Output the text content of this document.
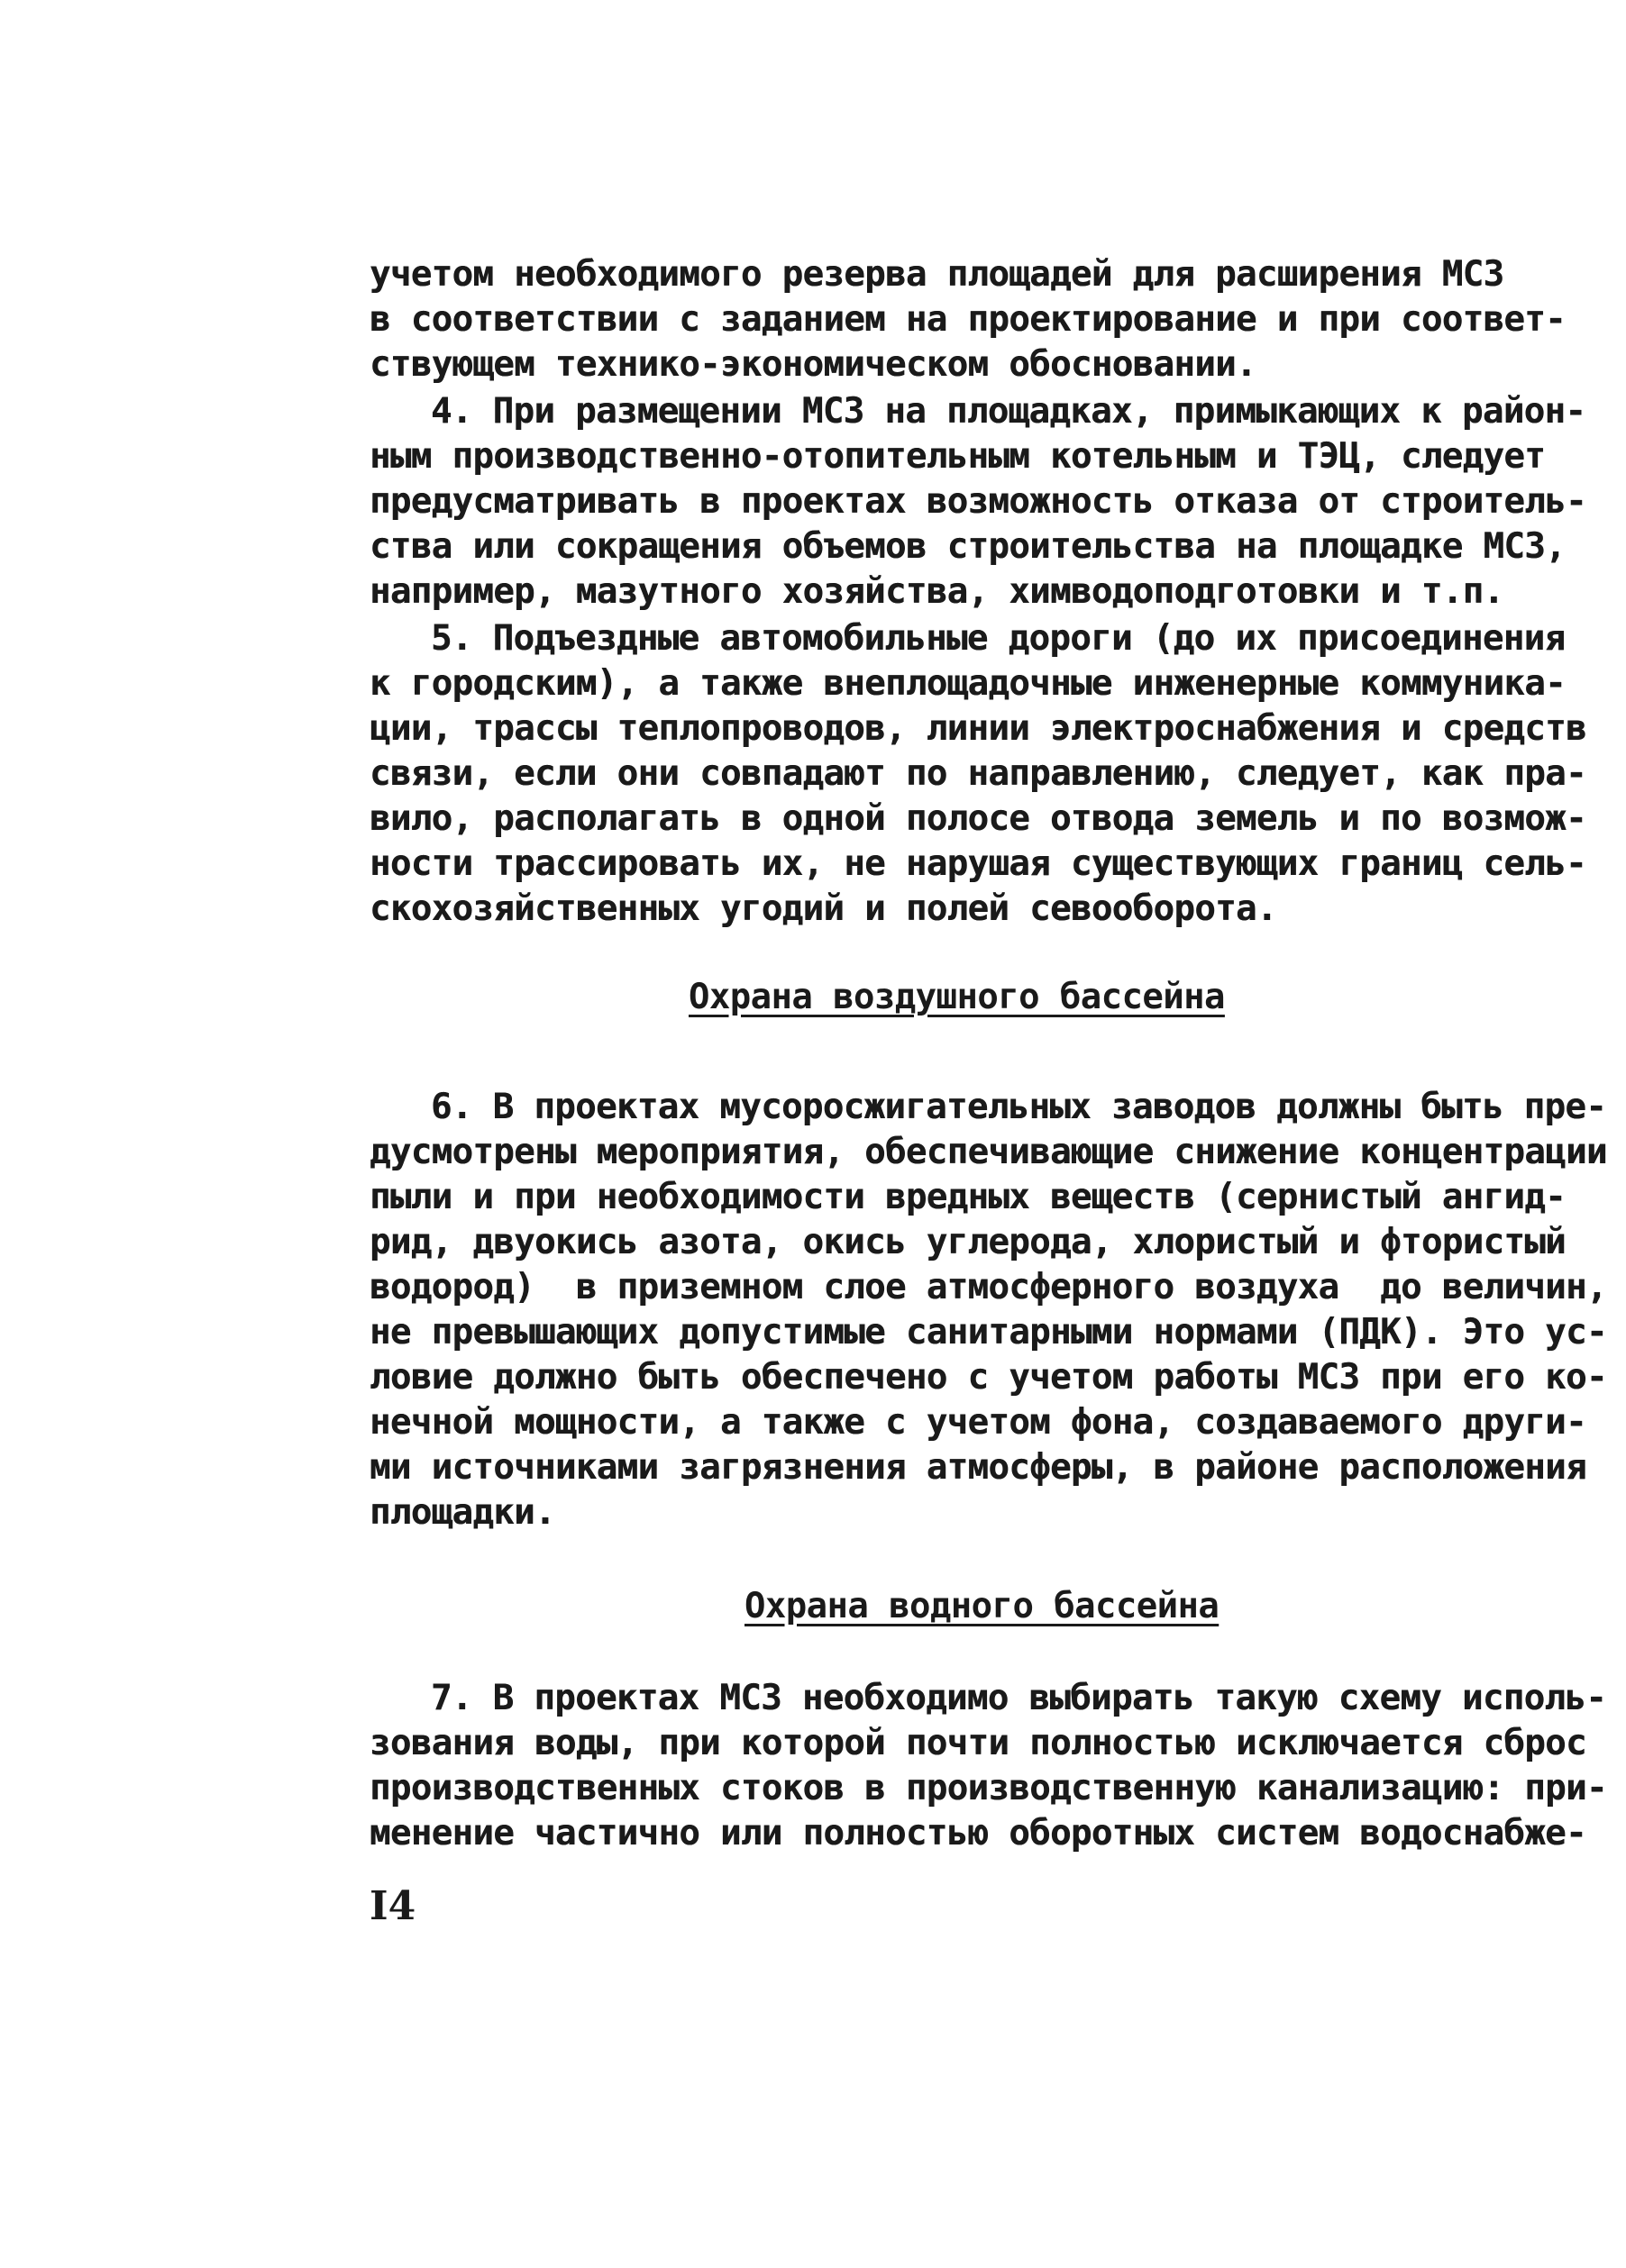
учетом необходимого резерва площадей для расширения МСЗ
в соответствии с заданием на проектирование и при соответ-
ствующем технико-экономическом обосновании.
4. При размещении МСЗ на площадках, примыкающих к район-
ным производственно-отопительным котельным и ТЭЦ, следует
предусматривать в проектах возможность отказа от строитель-
ства или сокращения объемов строительства на площадке МСЗ,
например, мазутного хозяйства, химводоподготовки и т.п.
5. Подъездные автомобильные дороги (до их присоединения
к городским), а также внеплощадочные инженерные коммуника-
ции, трассы теплопроводов, линии электроснабжения и средств
связи, если они совпадают по направлению, следует, как пра-
вило, располагать в одной полосе отвода земель и по возмож-
ности трассировать их, не нарушая существующих границ сель-
скохозяйственных угодий и полей севооборота.
Охрана воздушного бассейна
6. В проектах мусоросжигательных заводов должны быть пре-
дусмотрены мероприятия, обеспечивающие снижение концентрации
пыли и при необходимости вредных веществ (сернистый ангид-
рид, двуокись азота, окись углерода, хлористый и фтористый
водород)  в приземном слое атмосферного воздуха  до величин,
не превышающих допустимые санитарными нормами (ПДК). Это ус-
ловие должно быть обеспечено с учетом работы МСЗ при его ко-
нечной мощности, а также с учетом фона, создаваемого други-
ми источниками загрязнения атмосферы, в районе расположения
площадки.
Охрана водного бассейна
7. В проектах МСЗ необходимо выбирать такую схему исполь-
зования воды, при которой почти полностью исключается сброс
производственных стоков в производственную канализацию: при-
менение частично или полностью оборотных систем водоснабже-
I4
